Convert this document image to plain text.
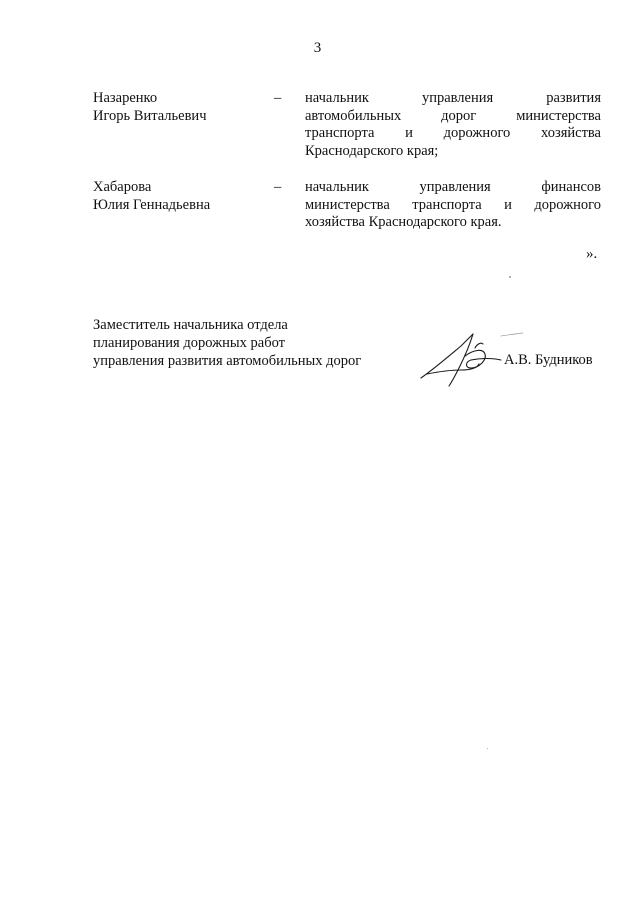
3
Назаренко
Игорь Витальевич
– начальник управления развития
автомобильных дорог министерства
транспорта и дорожного хозяйства
Краснодарского края;
Хабарова
Юлия Геннадьевна
– начальник управления финансов
министерства транспорта и дорожного
хозяйства Краснодарского края.
».
Заместитель начальника отдела
планирования дорожных работ
управления развития автомобильных дорог	А.В. Будников
